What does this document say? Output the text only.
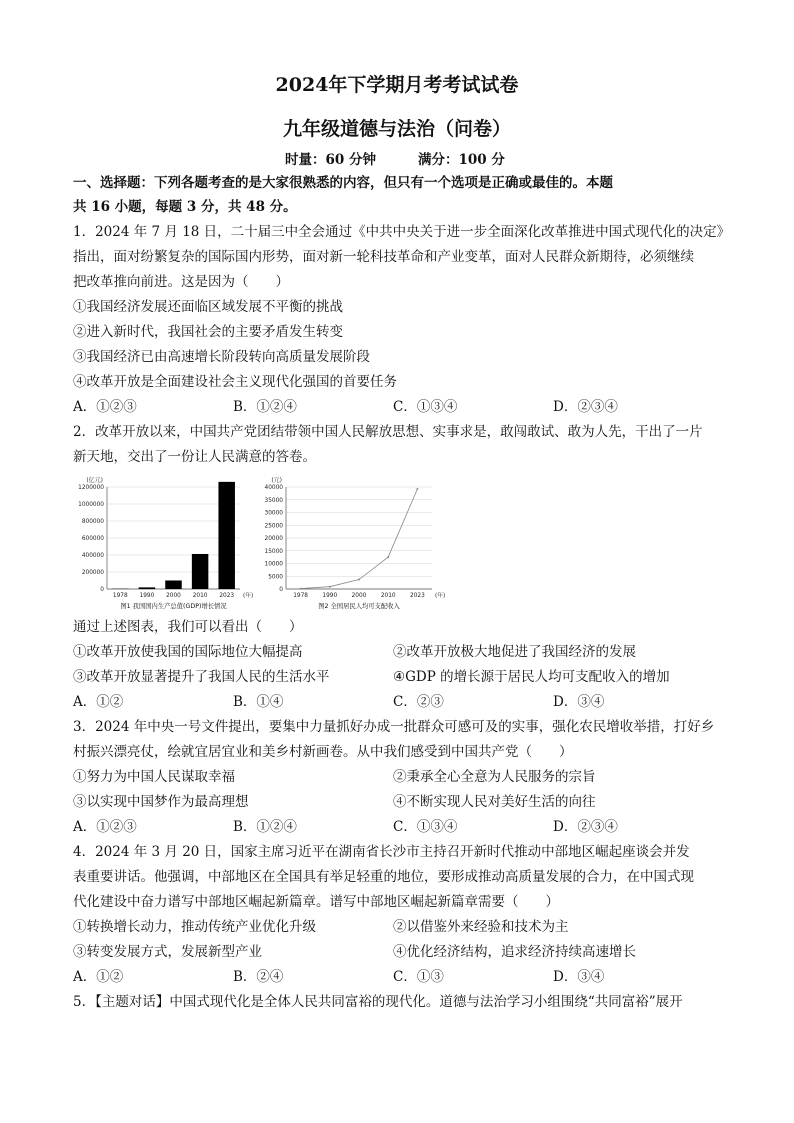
2024年下学期月考考试试卷
九年级道德与法治（问卷）
时量：60 分钟	满分：100 分
一、选择题：下列各题考查的是大家很熟悉的内容，但只有一个选项是正确或最佳的。本题
共 16 小题，每题 3 分，共 48 分。
1．2024 年 7 月 18 日，二十届三中全会通过《中共中央关于进一步全面深化改革推进中国式现代化的决定》
指出，面对纷繁复杂的国际国内形势，面对新一轮科技革命和产业变革，面对人民群众新期待，必须继续
把改革推向前进。这是因为（　　）
①我国经济发展还面临区域发展不平衡的挑战
②进入新时代，我国社会的主要矛盾发生转变
③我国经济已由高速增长阶段转向高质量发展阶段
④改革开放是全面建设社会主义现代化强国的首要任务
A．①②③	B．①②④	C．①③④	D．②③④
2．改革开放以来，中国共产党团结带领中国人民解放思想、实事求是，敢闯敢试、敢为人先，干出了一片
新天地，交出了一份让人民满意的答卷。
(亿元)
0
200000
400000
600000
800000
1000000
1200000
1978 1990 2000 2010 2023 (年)
图1 我国国内生产总值(GDP)增长情况
(元)
0
5000
10000
15000
20000
25000
30000
35000
40000
1978 1990 2000 2010 2023 (年)
图2 全国居民人均可支配收入
通过上述图表，我们可以看出（　　）
①改革开放使我国的国际地位大幅提高	②改革开放极大地促进了我国经济的发展
③改革开放显著提升了我国人民的生活水平	④GDP 的增长源于居民人均可支配收入的增加
A．①②	B．①④	C．②③	D．③④
3．2024 年中央一号文件提出，要集中力量抓好办成一批群众可感可及的实事，强化农民增收举措，打好乡
村振兴漂亮仗，绘就宜居宜业和美乡村新画卷。从中我们感受到中国共产党（　　）
①努力为中国人民谋取幸福	②秉承全心全意为人民服务的宗旨
③以实现中国梦作为最高理想	④不断实现人民对美好生活的向往
A．①②③	B．①②④	C．①③④	D．②③④
4．2024 年 3 月 20 日，国家主席习近平在湖南省长沙市主持召开新时代推动中部地区崛起座谈会并发
表重要讲话。他强调，中部地区在全国具有举足轻重的地位，要形成推动高质量发展的合力，在中国式现
代化建设中奋力谱写中部地区崛起新篇章。谱写中部地区崛起新篇章需要（　　）
①转换增长动力，推动传统产业优化升级	②以借鉴外来经验和技术为主
③转变发展方式，发展新型产业	④优化经济结构，追求经济持续高速增长
A．①②	B．②④	C．①③	D．③④
5．【主题对话】中国式现代化是全体人民共同富裕的现代化。道德与法治学习小组围绕“共同富裕”展开
